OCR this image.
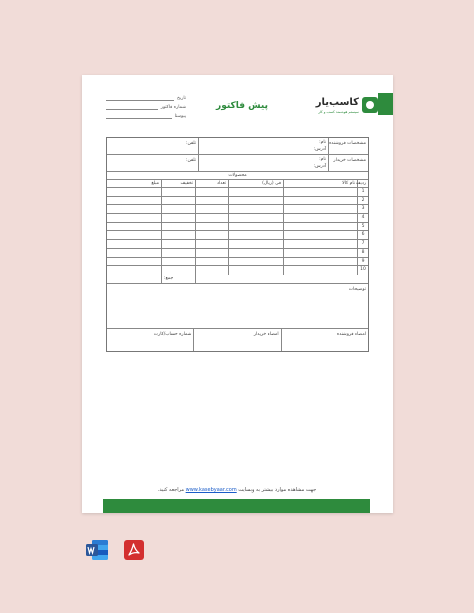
کاسب‌یار
سیستم هوشمند کسب و کار
پیش فاکتور
تاریخ
شماره فاکتور
پیوستا
مشخصات فروشنده
نام:
آدرس:
تلفن:
مشخصات خریدار
نام:
آدرس:
تلفن:
محصولات
ردیف
نام کالا
فی (ریال)
تعداد
تخفیف
مبلغ
1
2
3
4
5
6
7
8
9
10
جمع:
توضیحات
امضاء فروشنده
امضاء خریدار
شماره حساب/کارت
جهت مشاهده موارد بیشتر به وبسایت www.kasebyaar.com مراجعه کنید.
